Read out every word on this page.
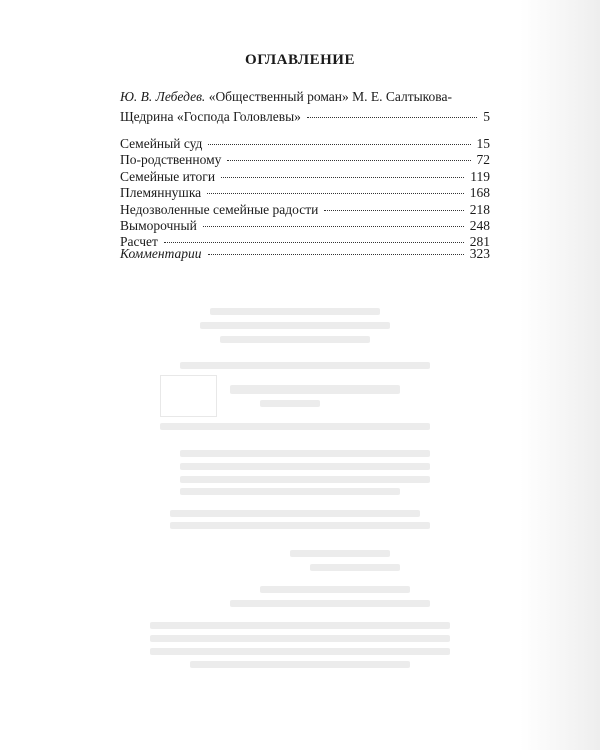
ОГЛАВЛЕНИЕ
Ю. В. Лебедев. «Общественный роман» М. Е. Салтыкова-
Щедрина «Господа Головлевы»	5
Семейный суд	15
По-родственному	72
Семейные итоги	119
Племяннушка	168
Недозволенные семейные радости	218
Выморочный	248
Расчет	281
Комментарии	323
